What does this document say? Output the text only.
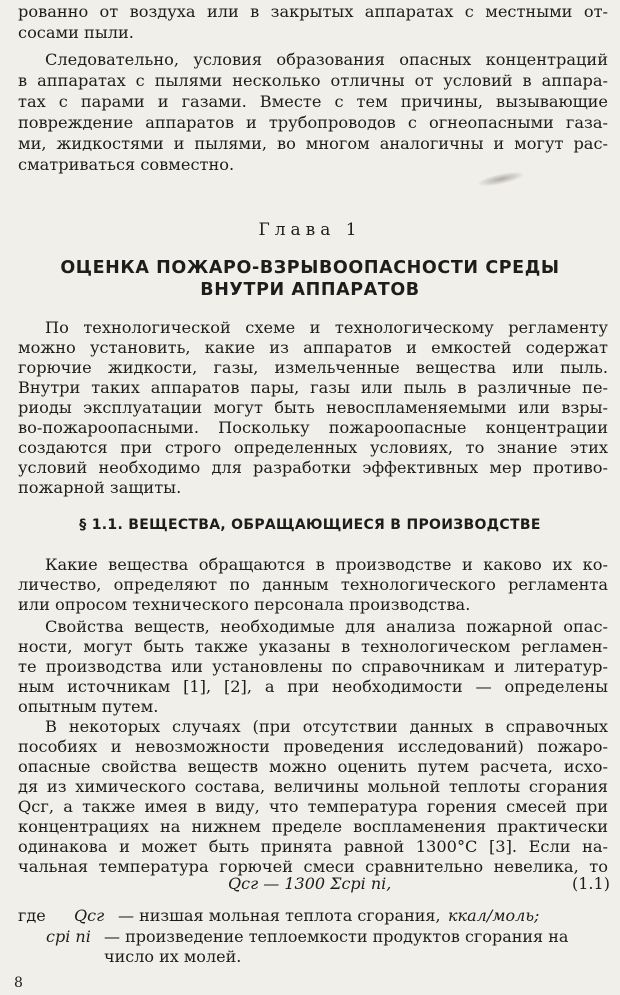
рованно от воздуха или в закрытых аппаратах с местными от-
сосами пыли.
Следовательно, условия образования опасных концентраций
в аппаратах с пылями несколько отличны от условий в аппара-
тах с парами и газами. Вместе с тем причины, вызывающие
повреждение аппаратов и трубопроводов с огнеопасными газа-
ми, жидкостями и пылями, во многом аналогичны и могут рас-
сматриваться совместно.
Глава 1
ОЦЕНКА ПОЖАРО-ВЗРЫВООПАСНОСТИ СРЕДЫ
ВНУТРИ АППАРАТОВ
По технологической схеме и технологическому регламенту
можно установить, какие из аппаратов и емкостей содержат
горючие жидкости, газы, измельченные вещества или пыль.
Внутри таких аппаратов пары, газы или пыль в различные пе-
риоды эксплуатации могут быть невоспламеняемыми или взры-
во-пожароопасными. Поскольку пожароопасные концентрации
создаются при строго определенных условиях, то знание этих
условий необходимо для разработки эффективных мер противо-
пожарной защиты.
§ 1.1. ВЕЩЕСТВА, ОБРАЩАЮЩИЕСЯ В ПРОИЗВОДСТВЕ
Какие вещества обращаются в производстве и каково их ко-
личество, определяют по данным технологического регламента
или опросом технического персонала производства.
Свойства веществ, необходимые для анализа пожарной опас-
ности, могут быть также указаны в технологическом регламен-
те производства или установлены по справочникам и литератур-
ным источникам [1], [2], а при необходимости — определены
опытным путем.
В некоторых случаях (при отсутствии данных в справочных
пособиях и невозможности проведения исследований) пожаро-
опасные свойства веществ можно оценить путем расчета, исхо-
дя из химического состава, величины мольной теплоты сгорания
Qсг, а также имея в виду, что температура горения смесей при
концентрациях на нижнем пределе воспламенения практически
одинакова и может быть принята равной 1300°С [3]. Если на-
чальная температура горючей смеси сравнительно невелика, то
Qсг — 1300 Σcpi ni,	(1.1)
где Qсг — низшая мольная теплота сгорания, ккал/моль;
cpi ni — произведение теплоемкости продуктов сгорания на
число их молей.
8
